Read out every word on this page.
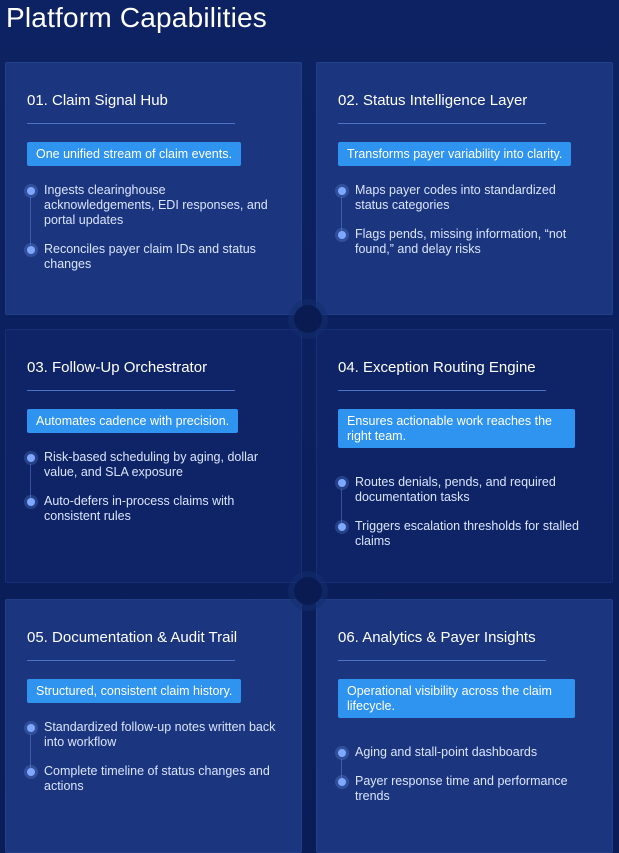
Platform Capabilities
01. Claim Signal Hub
One unified stream of claim events.
Ingests clearinghouse acknowledgements, EDI responses, and portal updates
Reconciles payer claim IDs and status changes
02. Status Intelligence Layer
Transforms payer variability into clarity.
Maps payer codes into standardized status categories
Flags pends, missing information, “not found,” and delay risks
03. Follow-Up Orchestrator
Automates cadence with precision.
Risk-based scheduling by aging, dollar value, and SLA exposure
Auto-defers in-process claims with consistent rules
04. Exception Routing Engine
Ensures actionable work reaches the right team.
Routes denials, pends, and required documentation tasks
Triggers escalation thresholds for stalled claims
05. Documentation & Audit Trail
Structured, consistent claim history.
Standardized follow-up notes written back into workflow
Complete timeline of status changes and actions
06. Analytics & Payer Insights
Operational visibility across the claim lifecycle.
Aging and stall-point dashboards
Payer response time and performance trends
